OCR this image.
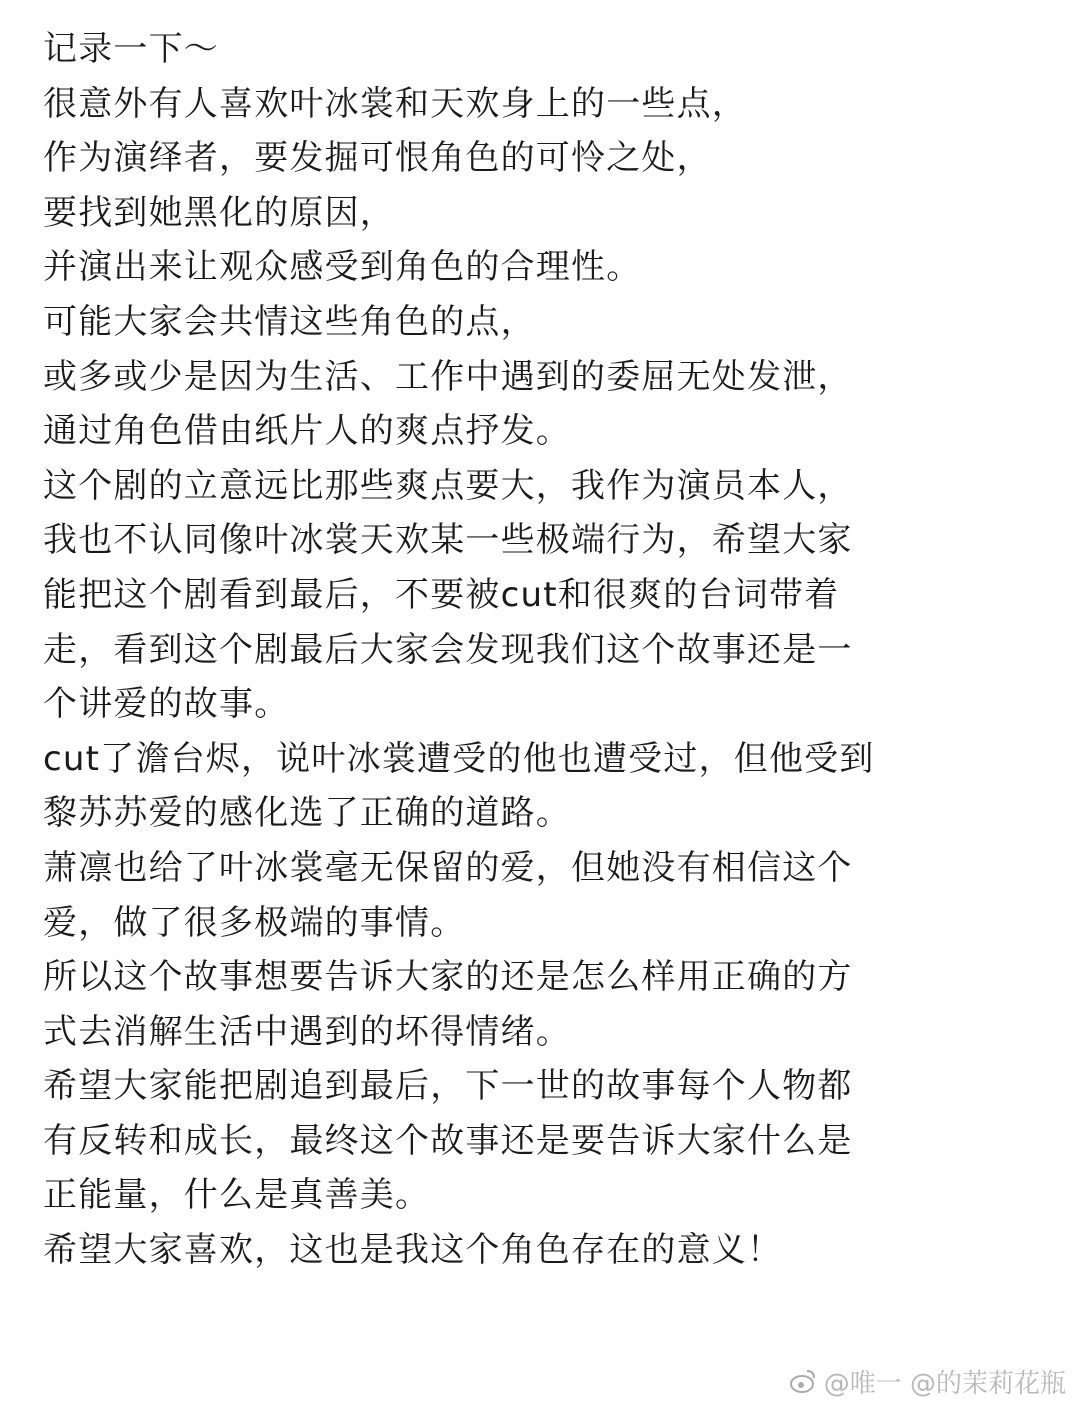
记录一下～
很意外有人喜欢叶冰裳和天欢身上的一些点，
作为演绎者，要发掘可恨角色的可怜之处，
要找到她黑化的原因，
并演出来让观众感受到角色的合理性。
可能大家会共情这些角色的点，
或多或少是因为生活、工作中遇到的委屈无处发泄，
通过角色借由纸片人的爽点抒发。
这个剧的立意远比那些爽点要大，我作为演员本人，
我也不认同像叶冰裳天欢某一些极端行为，希望大家
能把这个剧看到最后，不要被cut和很爽的台词带着
走，看到这个剧最后大家会发现我们这个故事还是一
个讲爱的故事。
cut了澹台烬，说叶冰裳遭受的他也遭受过，但他受到
黎苏苏爱的感化选了正确的道路。
萧凛也给了叶冰裳毫无保留的爱，但她没有相信这个
爱，做了很多极端的事情。
所以这个故事想要告诉大家的还是怎么样用正确的方
式去消解生活中遇到的坏得情绪。
希望大家能把剧追到最后，下一世的故事每个人物都
有反转和成长，最终这个故事还是要告诉大家什么是
正能量，什么是真善美。
希望大家喜欢，这也是我这个角色存在的意义！
@唯一 @的茉莉花瓶
